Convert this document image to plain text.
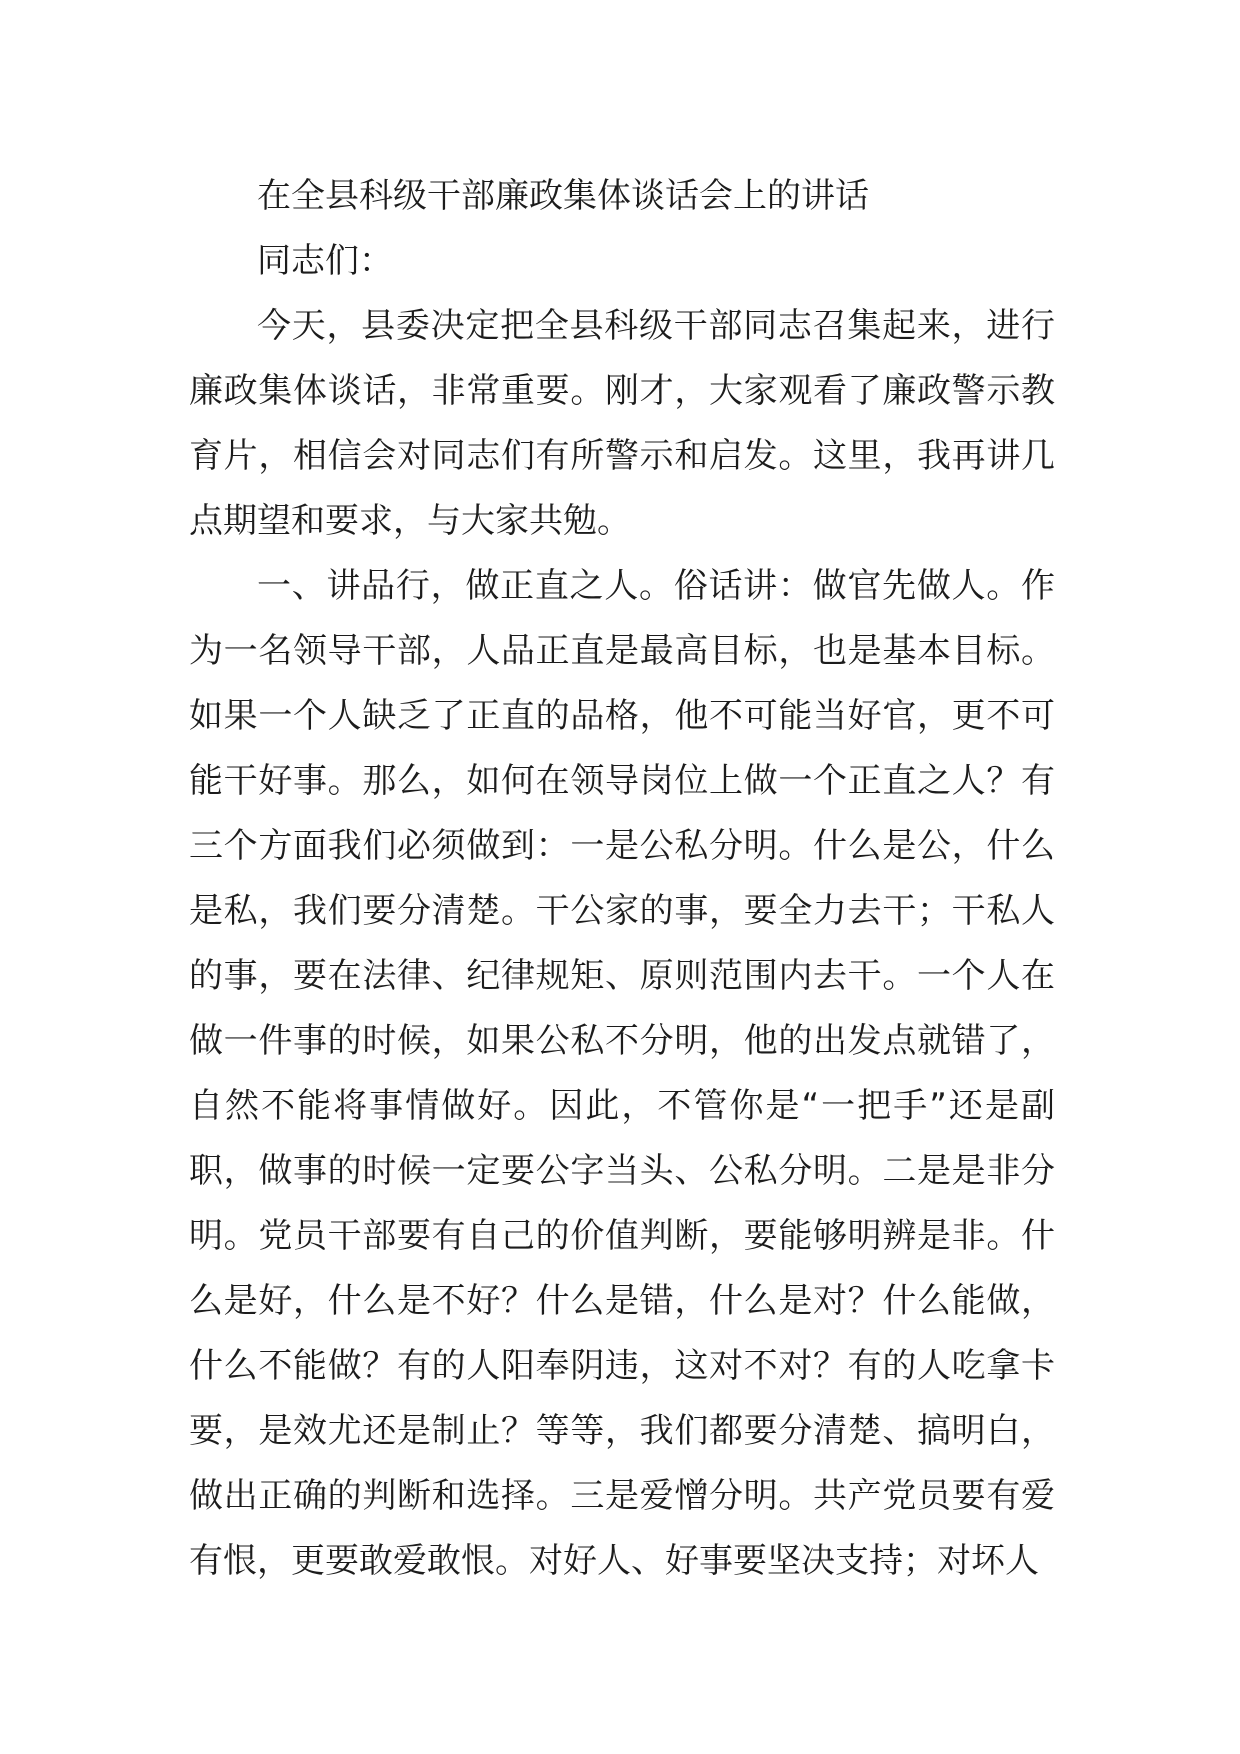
在全县科级干部廉政集体谈话会上的讲话

同志们：

今天，县委决定把全县科级干部同志召集起来，进行廉政集体谈话，非常重要。刚才，大家观看了廉政警示教育片，相信会对同志们有所警示和启发。这里，我再讲几点期望和要求，与大家共勉。

一、讲品行，做正直之人。俗话讲：做官先做人。作为一名领导干部，人品正直是最高目标，也是基本目标。如果一个人缺乏了正直的品格，他不可能当好官，更不可能干好事。那么，如何在领导岗位上做一个正直之人？有三个方面我们必须做到：一是公私分明。什么是公，什么是私，我们要分清楚。干公家的事，要全力去干；干私人的事，要在法律、纪律规矩、原则范围内去干。一个人在做一件事的时候，如果公私不分明，他的出发点就错了，自然不能将事情做好。因此，不管你是“一把手”还是副职，做事的时候一定要公字当头、公私分明。二是是非分明。党员干部要有自己的价值判断，要能够明辨是非。什么是好，什么是不好？什么是错，什么是对？什么能做，什么不能做？有的人阳奉阴违，这对不对？有的人吃拿卡要，是效尤还是制止？等等，我们都要分清楚、搞明白，做出正确的判断和选择。三是爱憎分明。共产党员要有爱有恨，更要敢爱敢恨。对好人、好事要坚决支持；对坏人
